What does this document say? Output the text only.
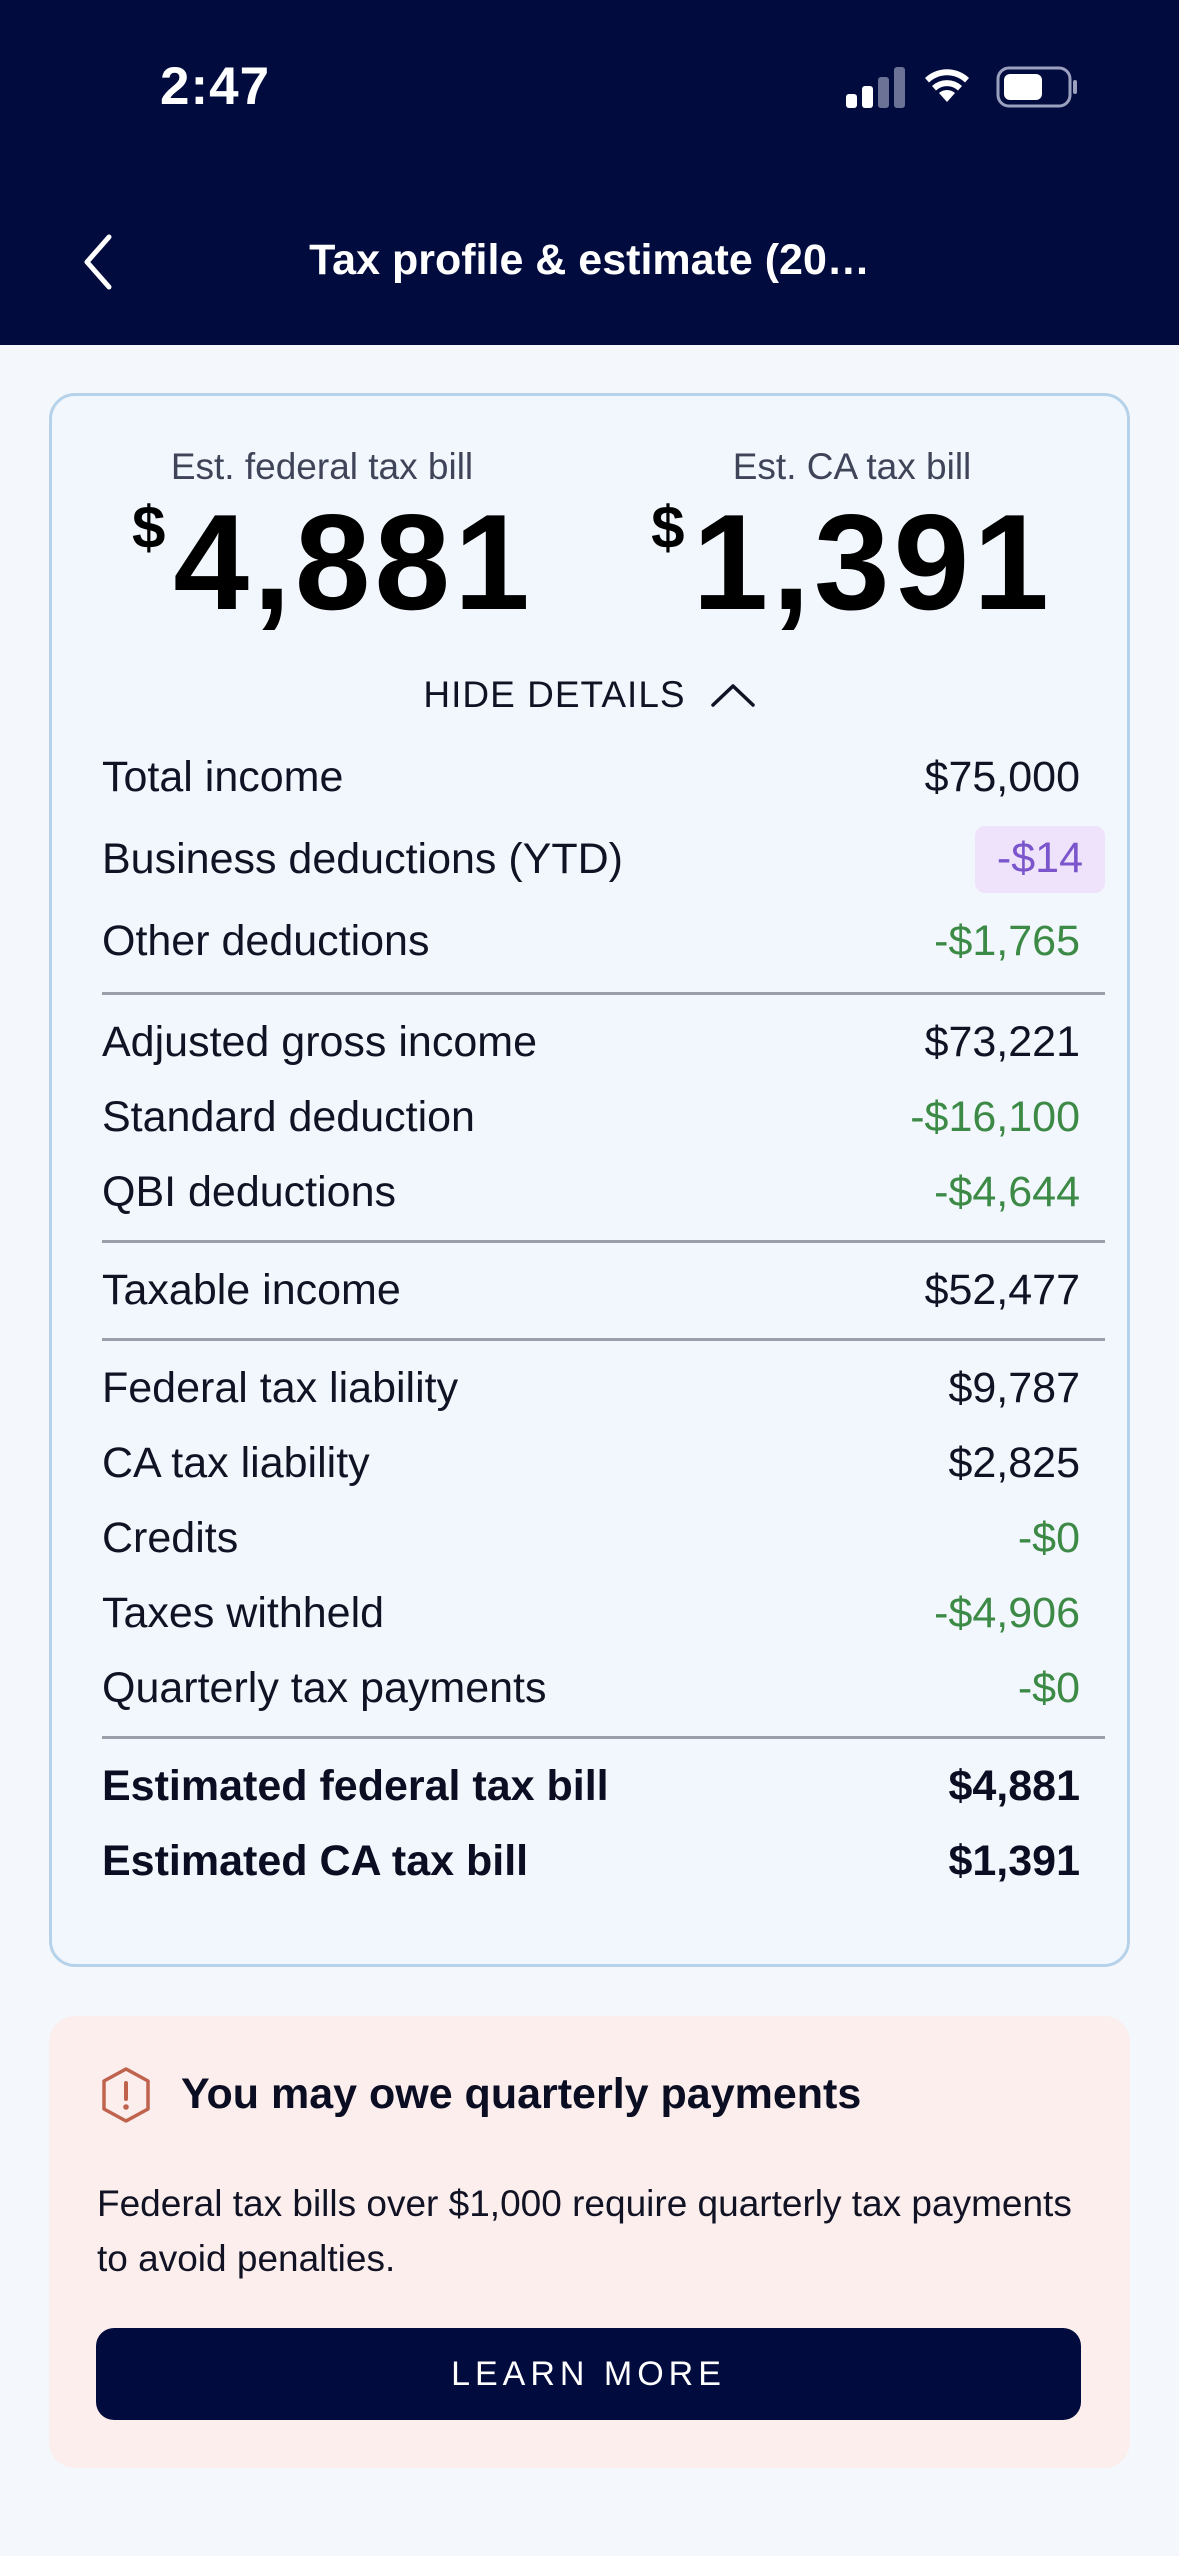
2:47
Tax profile & estimate (20…
Est. federal tax bill
$4,881
Est. CA tax bill
$1,391
HIDE DETAILS
Total income	$75,000
Business deductions (YTD)	-$14
Other deductions	-$1,765
Adjusted gross income	$73,221
Standard deduction	-$16,100
QBI deductions	-$4,644
Taxable income	$52,477
Federal tax liability	$9,787
CA tax liability	$2,825
Credits	-$0
Taxes withheld	-$4,906
Quarterly tax payments	-$0
Estimated federal tax bill	$4,881
Estimated CA tax bill	$1,391
You may owe quarterly payments
Federal tax bills over $1,000 require quarterly tax payments to avoid penalties.
LEARN MORE
